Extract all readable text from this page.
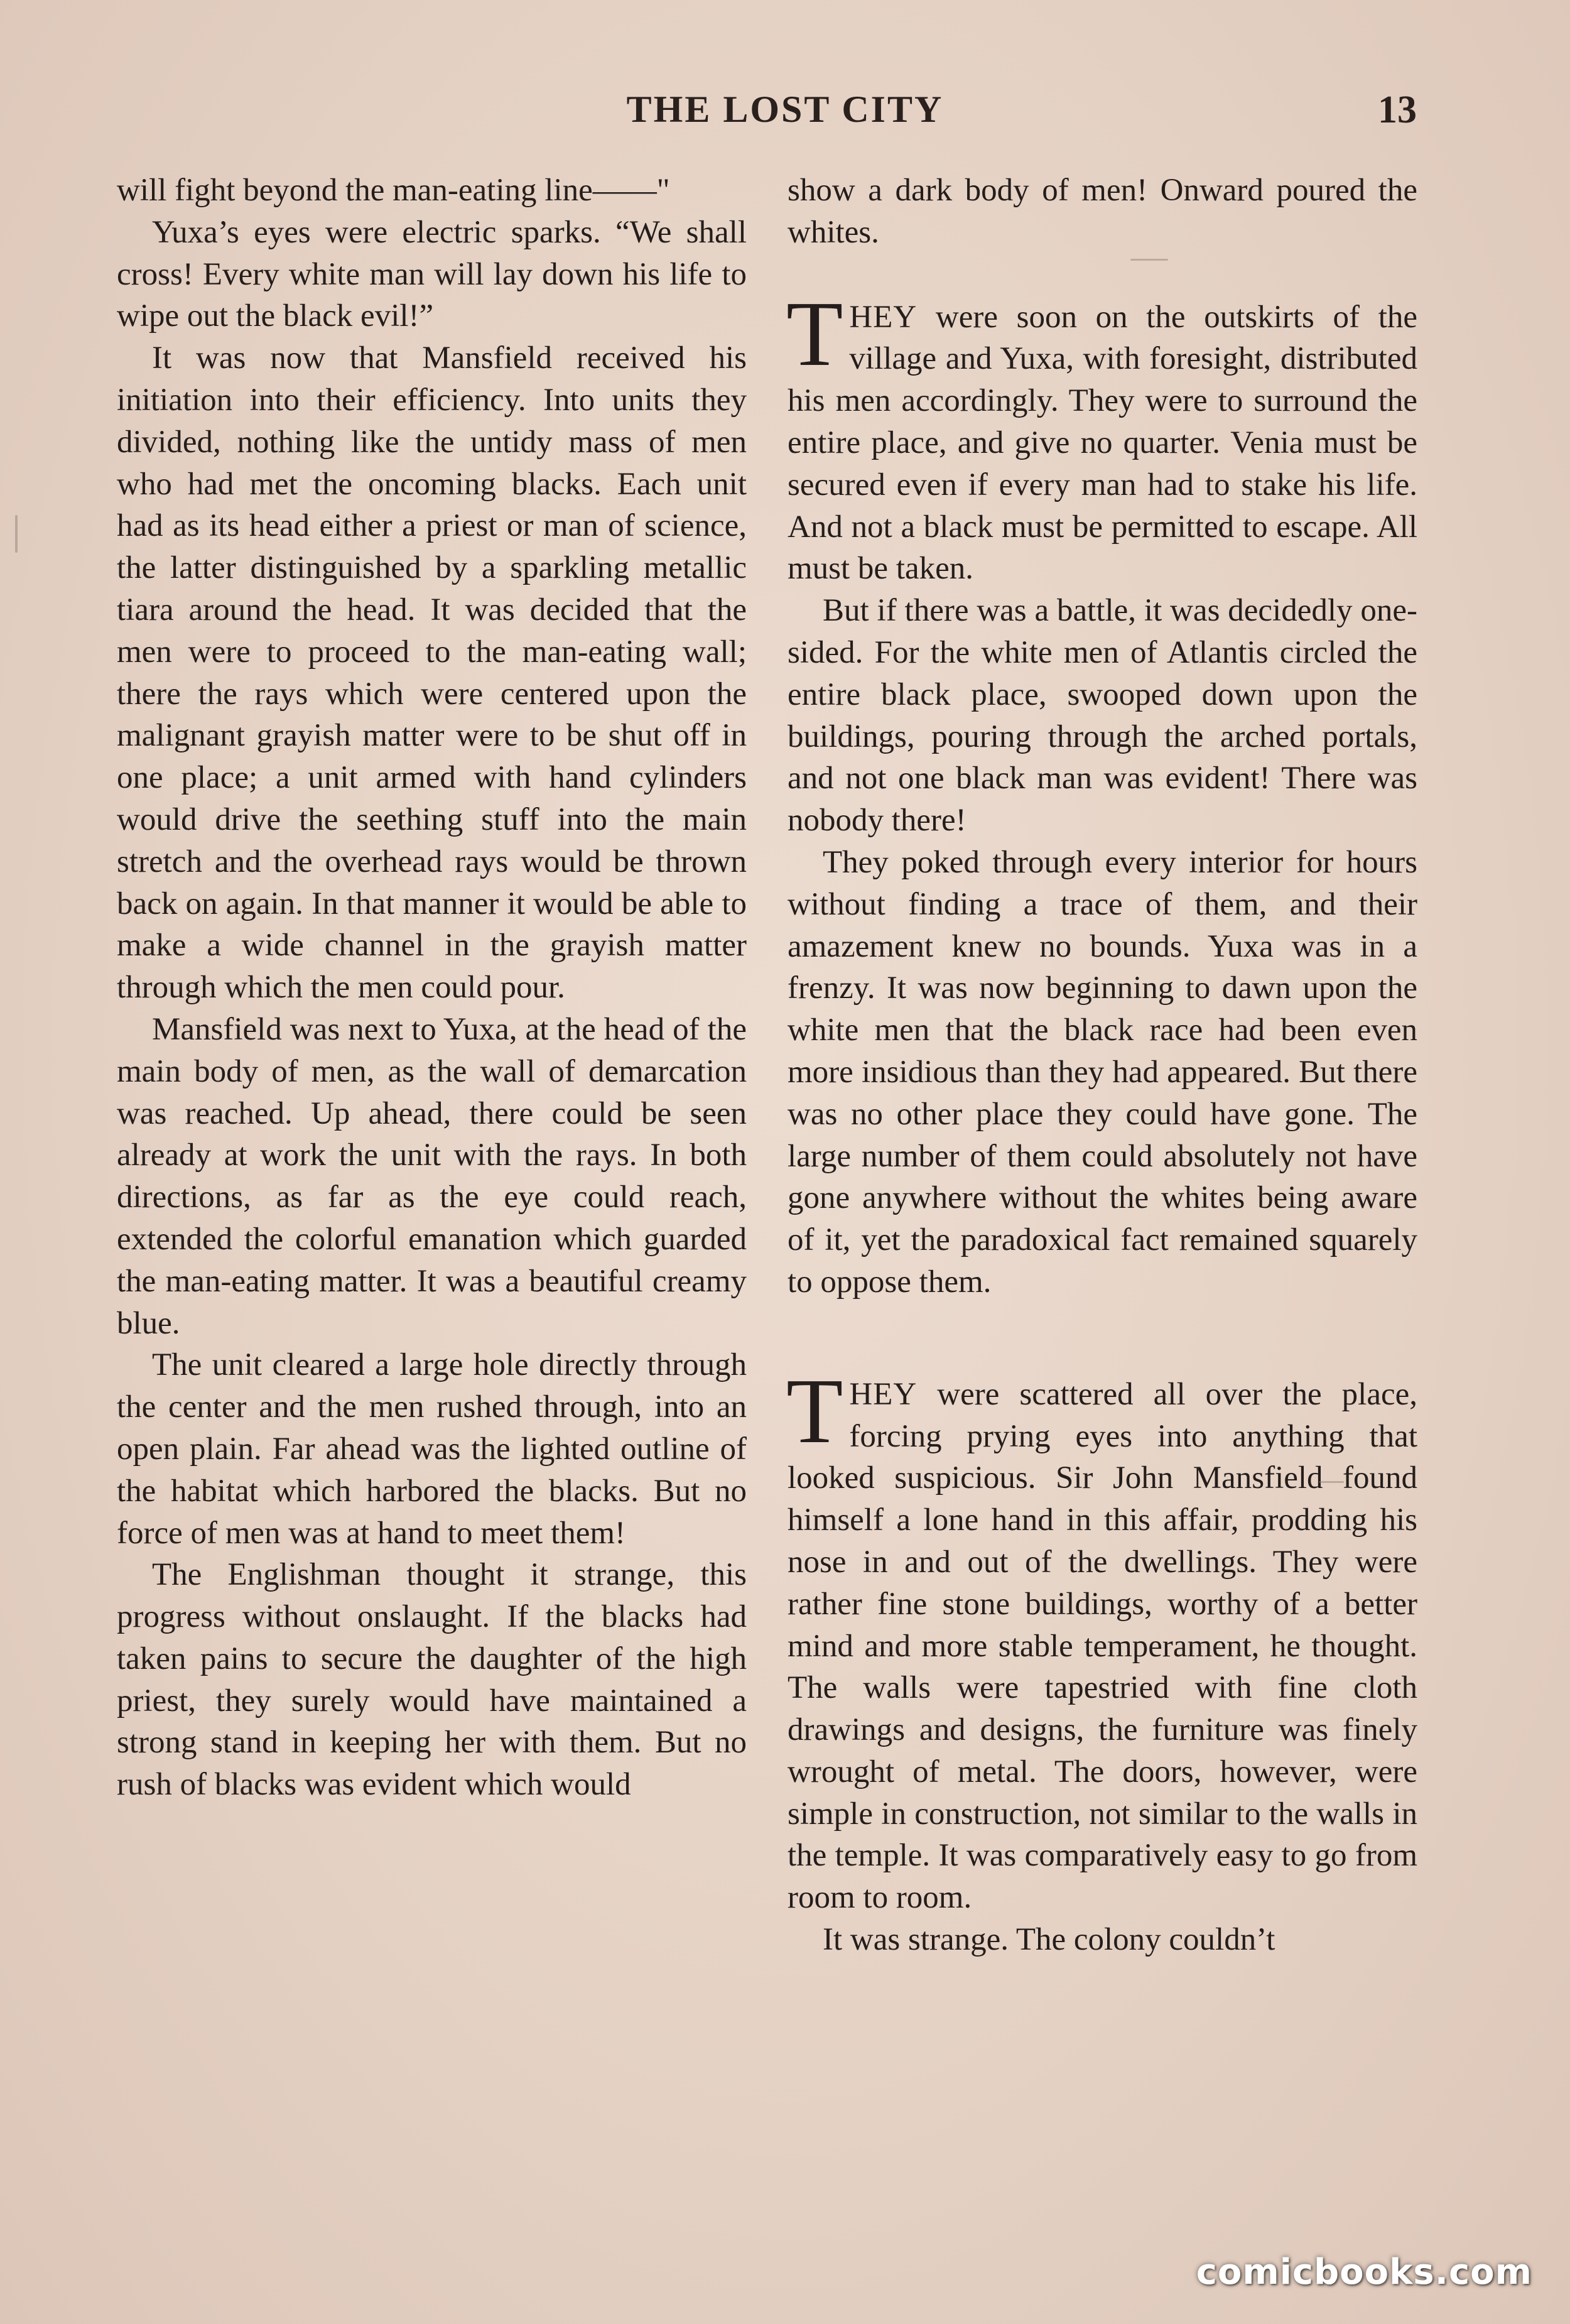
THE LOST CITY	13

will fight beyond the man-eating line——"

Yuxa’s eyes were electric sparks. “We shall cross! Every white man will lay down his life to wipe out the black evil!”

It was now that Mansfield received his initiation into their efficiency. Into units they divided, nothing like the untidy mass of men who had met the oncoming blacks. Each unit had as its head either a priest or man of science, the latter distinguished by a sparkling metallic tiara around the head. It was decided that the men were to proceed to the man-eating wall; there the rays which were centered upon the malignant grayish matter were to be shut off in one place; a unit armed with hand cylinders would drive the seething stuff into the main stretch and the overhead rays would be thrown back on again. In that manner it would be able to make a wide channel in the grayish matter through which the men could pour.

Mansfield was next to Yuxa, at the head of the main body of men, as the wall of demarcation was reached. Up ahead, there could be seen already at work the unit with the rays. In both directions, as far as the eye could reach, extended the colorful emanation which guarded the man-eating matter. It was a beautiful creamy blue.

The unit cleared a large hole directly through the center and the men rushed through, into an open plain. Far ahead was the lighted outline of the habitat which harbored the blacks. But no force of men was at hand to meet them!

The Englishman thought it strange, this progress without onslaught. If the blacks had taken pains to secure the daughter of the high priest, they surely would have maintained a strong stand in keeping her with them. But no rush of blacks was evident which would

show a dark body of men! Onward poured the whites.

THEY were soon on the outskirts of the village and Yuxa, with foresight, distributed his men accordingly. They were to surround the entire place, and give no quarter. Venia must be secured even if every man had to stake his life. And not a black must be permitted to escape. All must be taken.

But if there was a battle, it was decidedly one-sided. For the white men of Atlantis circled the entire black place, swooped down upon the buildings, pouring through the arched portals, and not one black man was evident! There was nobody there!

They poked through every interior for hours without finding a trace of them, and their amazement knew no bounds. Yuxa was in a frenzy. It was now beginning to dawn upon the white men that the black race had been even more insidious than they had appeared. But there was no other place they could have gone. The large number of them could absolutely not have gone anywhere without the whites being aware of it, yet the paradoxical fact remained squarely to oppose them.

THEY were scattered all over the place, forcing prying eyes into anything that looked suspicious. Sir John Mansfield found himself a lone hand in this affair, prodding his nose in and out of the dwellings. They were rather fine stone buildings, worthy of a better mind and more stable temperament, he thought. The walls were tapestried with fine cloth drawings and designs, the furniture was finely wrought of metal. The doors, however, were simple in construction, not similar to the walls in the temple. It was comparatively easy to go from room to room.

It was strange. The colony couldn’t

comicbooks.com
